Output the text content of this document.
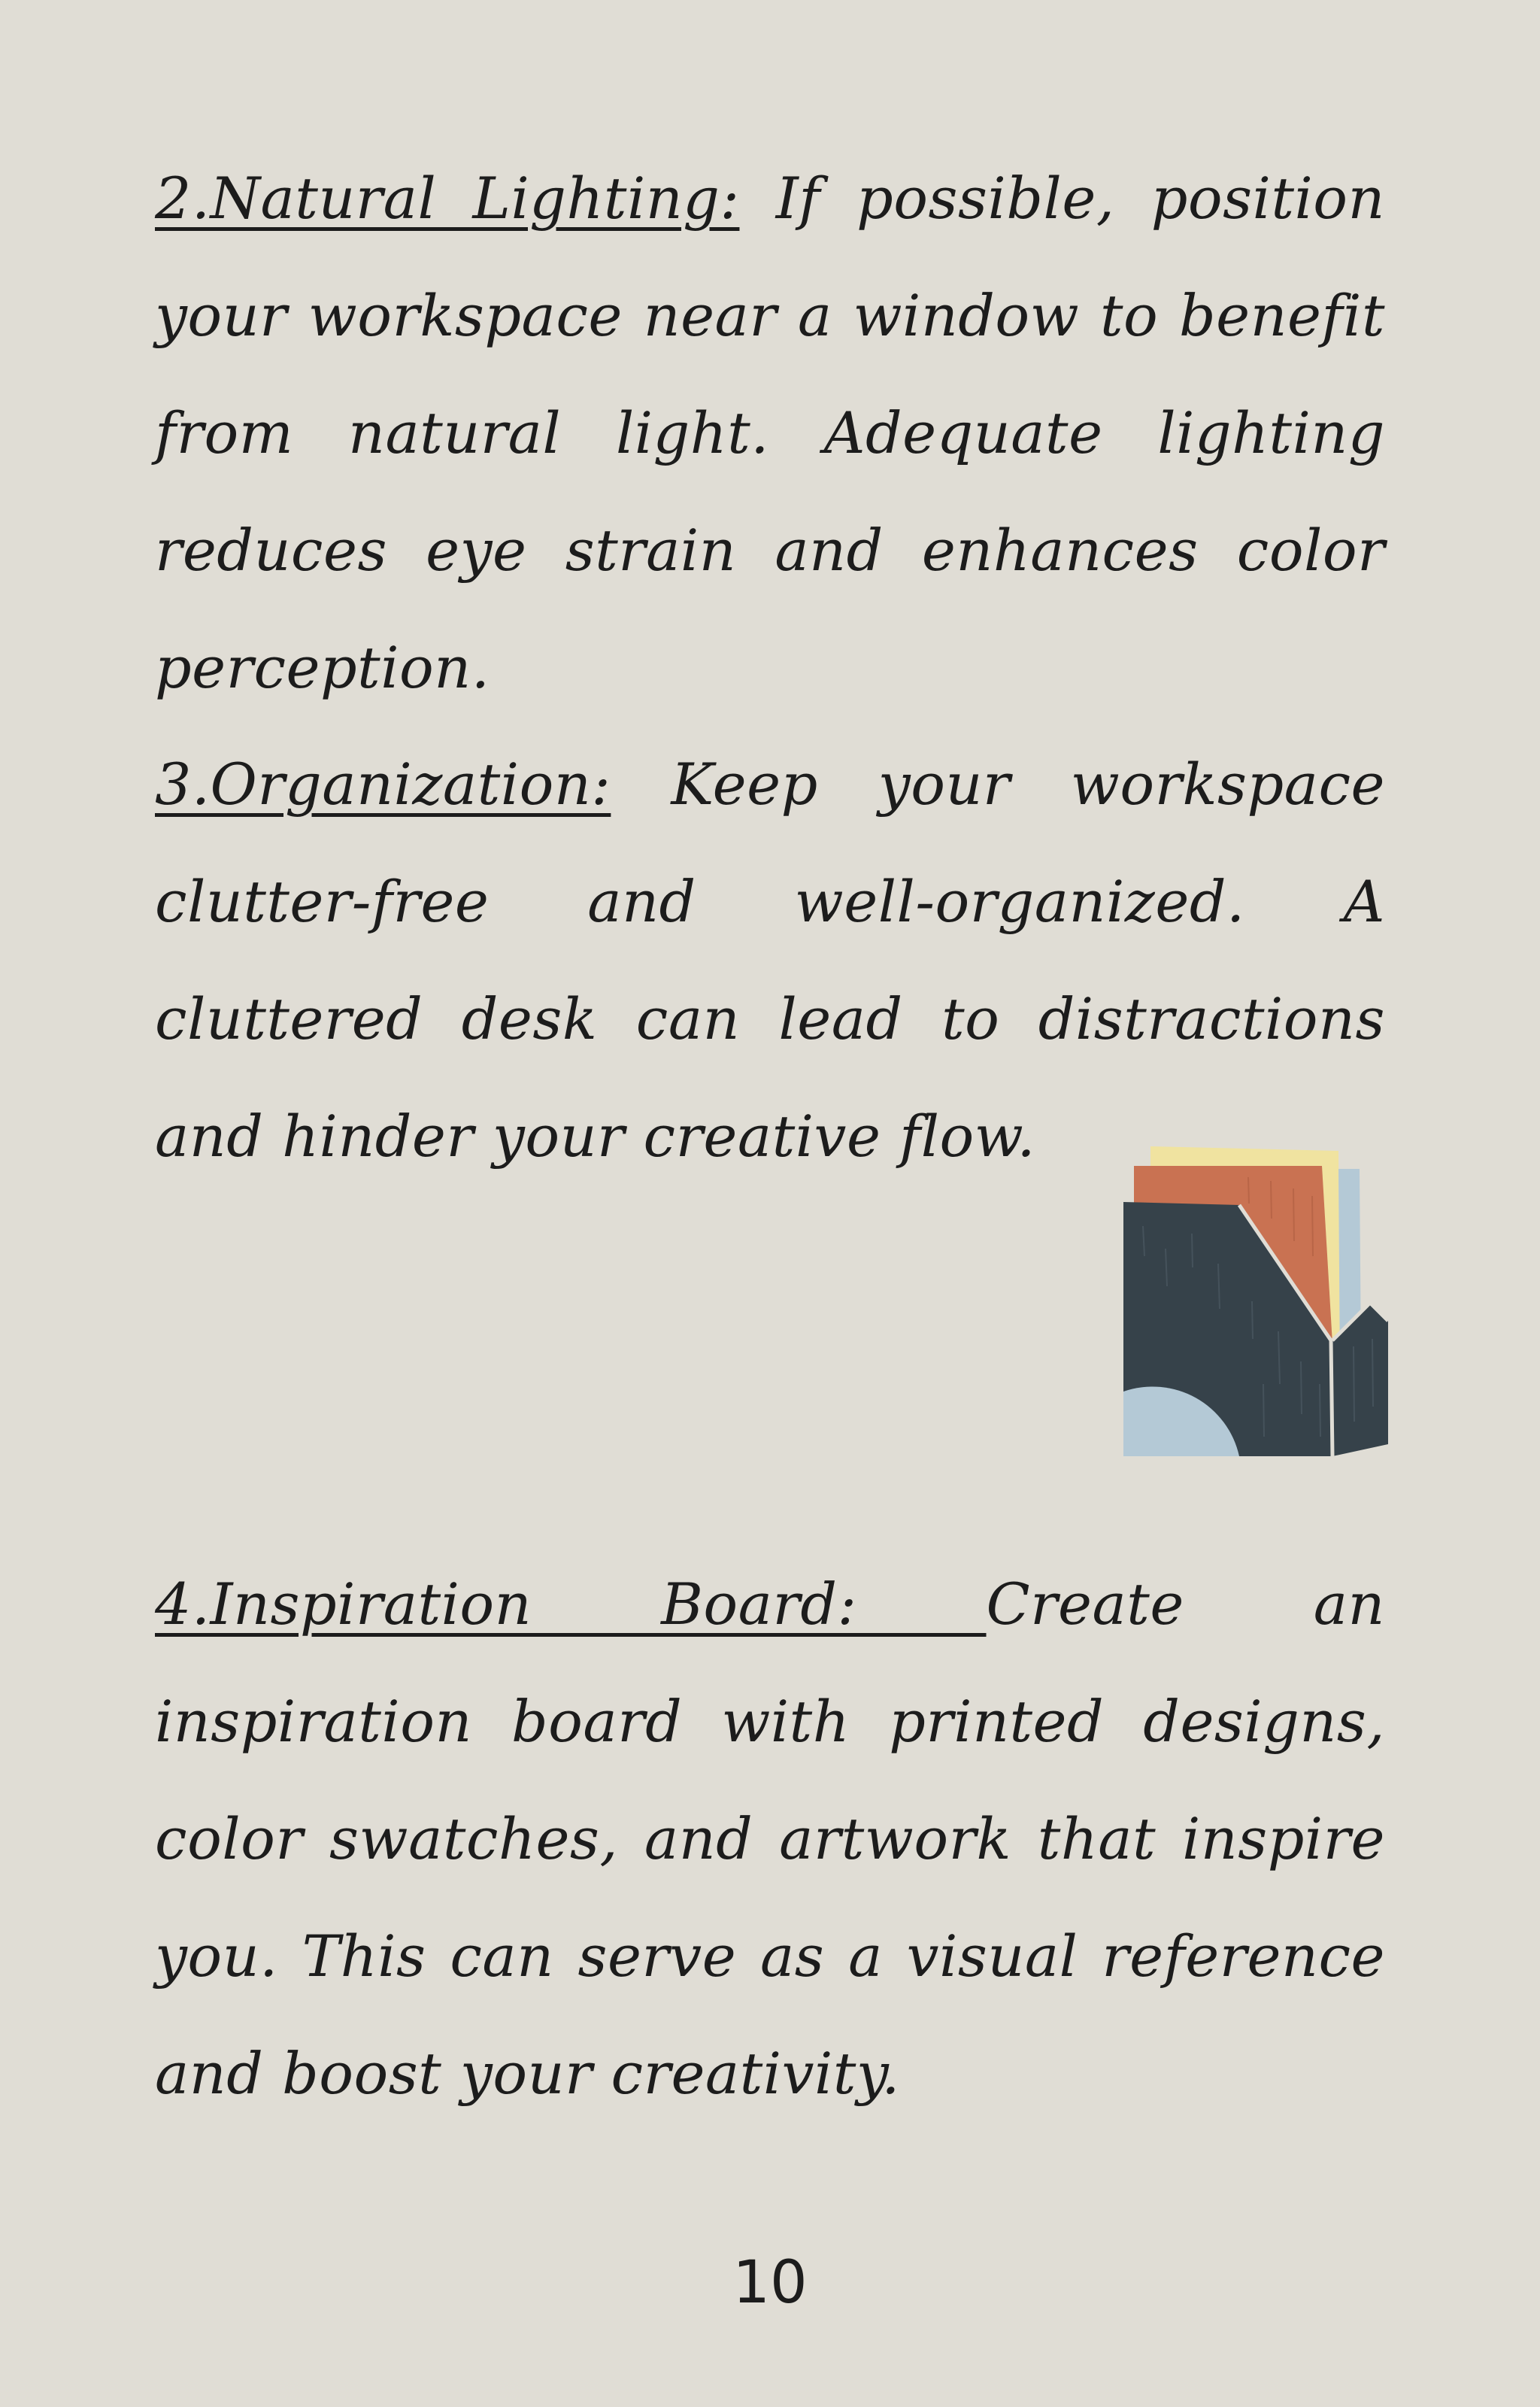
2.Natural Lighting: If possible, position your workspace near a window to benefit from natural light. Adequate lighting reduces eye strain and enhances color perception.

3.Organization: Keep your workspace clutter-free and well-organized. A cluttered desk can lead to distractions and hinder your creative flow.

4.Inspiration Board: Create an inspiration board with printed designs, color swatches, and artwork that inspire you. This can serve as a visual reference and boost your creativity.

10
